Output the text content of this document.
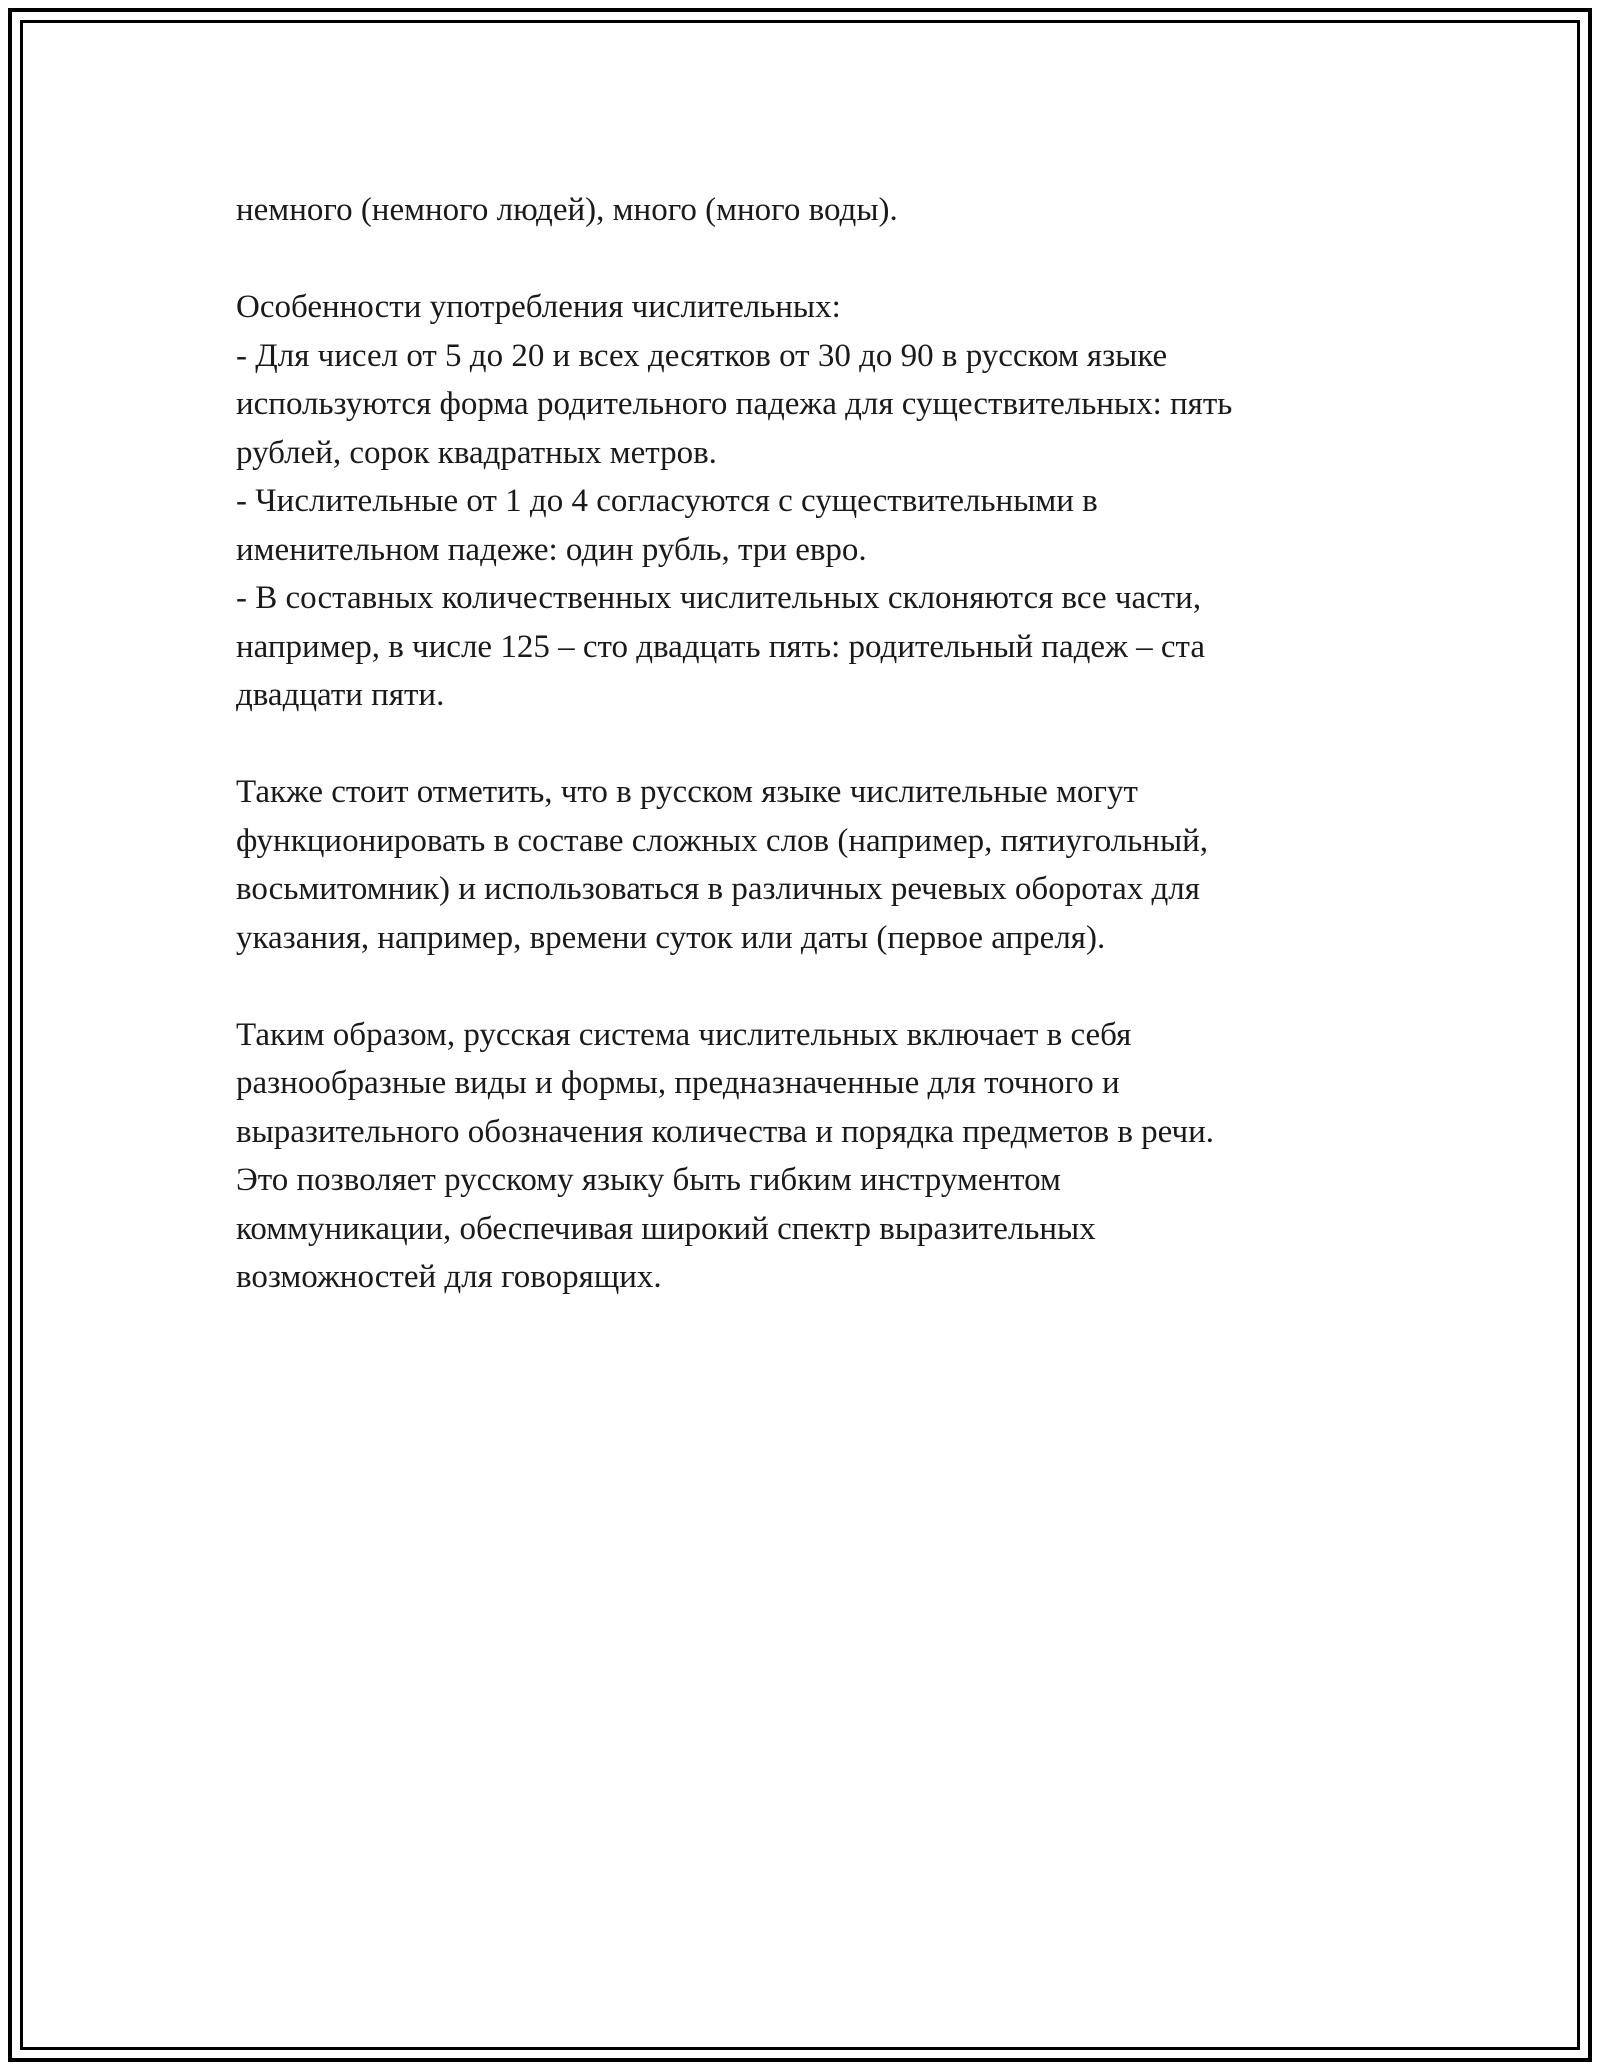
немного (немного людей), много (много воды).
Особенности употребления числительных:
- Для чисел от 5 до 20 и всех десятков от 30 до 90 в русском языке
используются форма родительного падежа для существительных: пять
рублей, сорок квадратных метров.
- Числительные от 1 до 4 согласуются с существительными в
именительном падеже: один рубль, три евро.
- В составных количественных числительных склоняются все части,
например, в числе 125 – сто двадцать пять: родительный падеж – ста
двадцати пяти.
Также стоит отметить, что в русском языке числительные могут
функционировать в составе сложных слов (например, пятиугольный,
восьмитомник) и использоваться в различных речевых оборотах для
указания, например, времени суток или даты (первое апреля).
Таким образом, русская система числительных включает в себя
разнообразные виды и формы, предназначенные для точного и
выразительного обозначения количества и порядка предметов в речи.
Это позволяет русскому языку быть гибким инструментом
коммуникации, обеспечивая широкий спектр выразительных
возможностей для говорящих.
